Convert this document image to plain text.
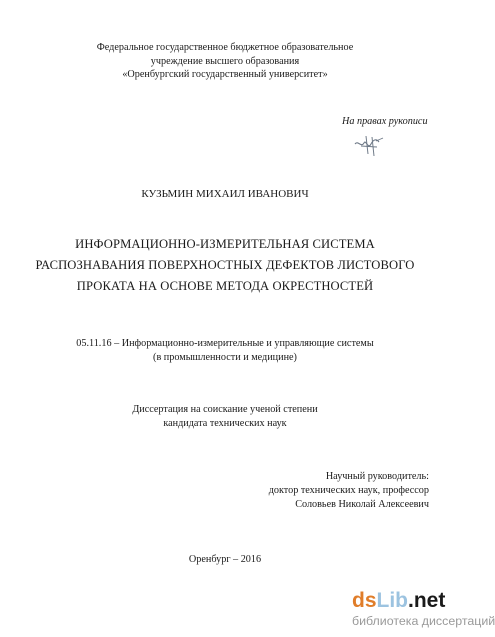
Федеральное государственное бюджетное образовательное
учреждение высшего образования
«Оренбургский государственный университет»
На правах рукописи
КУЗЬМИН МИХАИЛ ИВАНОВИЧ
ИНФОРМАЦИОННО-ИЗМЕРИТЕЛЬНАЯ СИСТЕМА
РАСПОЗНАВАНИЯ ПОВЕРХНОСТНЫХ ДЕФЕКТОВ ЛИСТОВОГО
ПРОКАТА НА ОСНОВЕ МЕТОДА ОКРЕСТНОСТЕЙ
05.11.16 – Информационно-измерительные и управляющие системы
(в промышленности и медицине)
Диссертация на соискание ученой степени
кандидата технических наук
Научный руководитель:
доктор технических наук, профессор
Соловьев Николай Алексеевич
Оренбург – 2016
dsLib.net
библиотека диссертаций
